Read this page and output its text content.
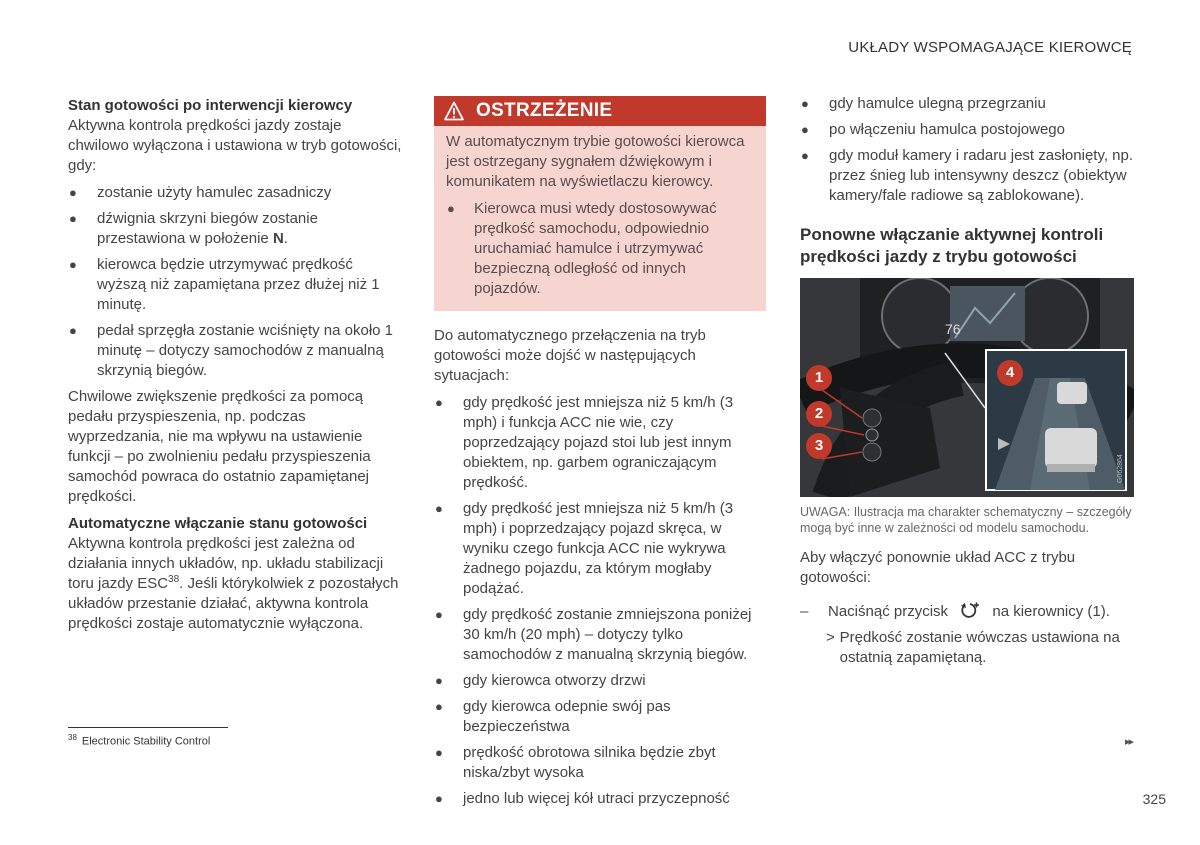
UKŁADY WSPOMAGAJĄCE KIEROWCĘ

Stan gotowości po interwencji kierowcy

Aktywna kontrola prędkości jazdy zostaje chwilowo wyłączona i ustawiona w tryb gotowości, gdy:

● zostanie użyty hamulec zasadniczy
● dźwignia skrzyni biegów zostanie przestawiona w położenie N.
● kierowca będzie utrzymywać prędkość wyższą niż zapamiętana przez dłużej niż 1 minutę.
● pedał sprzęgła zostanie wciśnięty na około 1 minutę – dotyczy samochodów z manualną skrzynią biegów.

Chwilowe zwiększenie prędkości za pomocą pedału przyspieszenia, np. podczas wyprzedzania, nie ma wpływu na ustawienie funkcji – po zwolnieniu pedału przyspieszenia samochód powraca do ostatnio zapamiętanej prędkości.

Automatyczne włączanie stanu gotowości

Aktywna kontrola prędkości jest zależna od działania innych układów, np. układu stabilizacji toru jazdy ESC$^{38}$. Jeśli którykolwiek z pozostałych układów przestanie działać, aktywna kontrola prędkości zostaje automatycznie wyłączona.

OSTRZEŻENIE

W automatycznym trybie gotowości kierowca jest ostrzegany sygnałem dźwiękowym i komunikatem na wyświetlaczu kierowcy.

● Kierowca musi wtedy dostosowywać prędkość samochodu, odpowiednio uruchamiać hamulce i utrzymywać bezpieczną odległość od innych pojazdów.

Do automatycznego przełączenia na tryb gotowości może dojść w następujących sytuacjach:

● gdy prędkość jest mniejsza niż 5 km/h (3 mph) i funkcja ACC nie wie, czy poprzedzający pojazd stoi lub jest innym obiektem, np. garbem ograniczającym prędkość.
● gdy prędkość jest mniejsza niż 5 km/h (3 mph) i poprzedzający pojazd skręca, w wyniku czego funkcja ACC nie wykrywa żadnego pojazdu, za którym mogłaby podążać.
● gdy prędkość zostanie zmniejszona poniżej 30 km/h (20 mph) – dotyczy tylko samochodów z manualną skrzynią biegów.
● gdy kierowca otworzy drzwi
● gdy kierowca odepnie swój pas bezpieczeństwa
● prędkość obrotowa silnika będzie zbyt niska/zbyt wysoka
● jedno lub więcej kół utraci przyczepność
● gdy hamulce ulegną przegrzaniu
● po włączeniu hamulca postojowego
● gdy moduł kamery i radaru jest zasłonięty, np. przez śnieg lub intensywny deszcz (obiektyw kamery/fale radiowe są zablokowane).
Ponowne włączanie aktywnej kontroli prędkości jazdy z trybu gotowości
76
G062864
1
2
3
4

UWAGA: Ilustracja ma charakter schematyczny – szczegóły mogą być inne w zależności od modelu samochodu.

Aby włączyć ponownie układ ACC z trybu gotowości:

–	Naciśnąć przycisk	na kierownicy (1).
> Prędkość zostanie wówczas ustawiona na ostatnią zapamiętaną.
$^{38}$ Electronic Stability Control	▸▸
325
